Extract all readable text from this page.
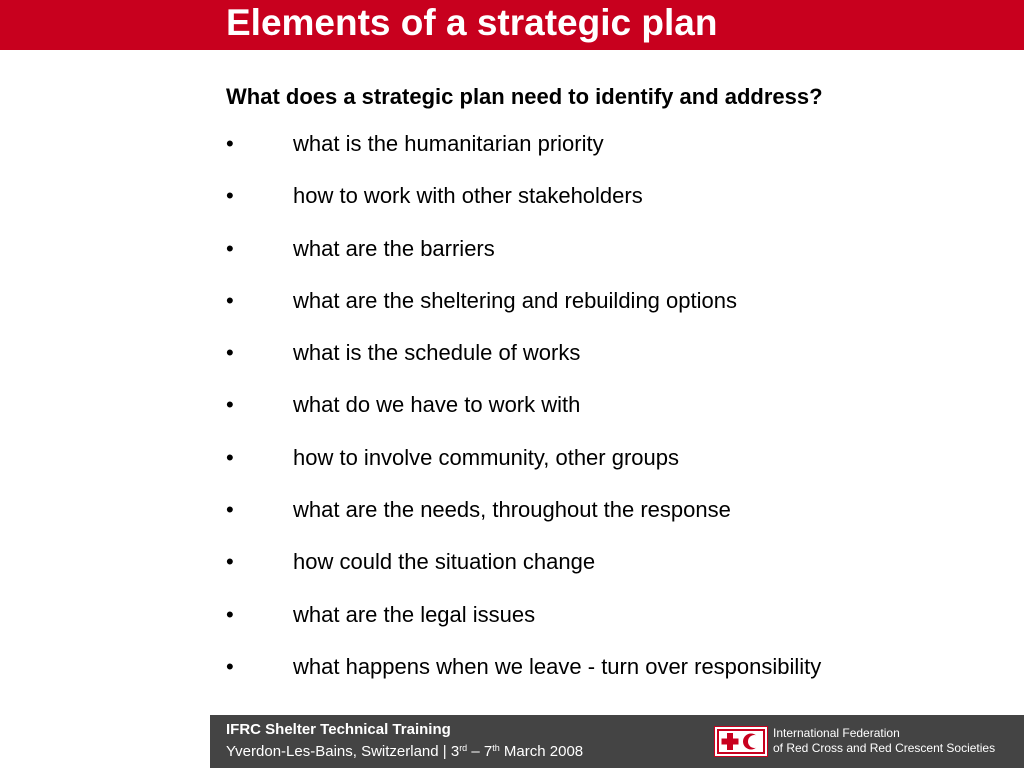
Elements of a strategic plan

What does a strategic plan need to identify and address?

•	what is the humanitarian priority
•	how to work with other stakeholders
•	what are the barriers
•	what are the sheltering and rebuilding options
•	what is the schedule of works
•	what do we have to work with
•	how to involve community, other groups
•	what are the needs, throughout the response
•	how could the situation change
•	what are the legal issues
•	what happens when we leave - turn over responsibility
IFRC Shelter Technical Training
Yverdon-Les-Bains, Switzerland | 3rd – 7th March 2008
International Federation
of Red Cross and Red Crescent Societies
